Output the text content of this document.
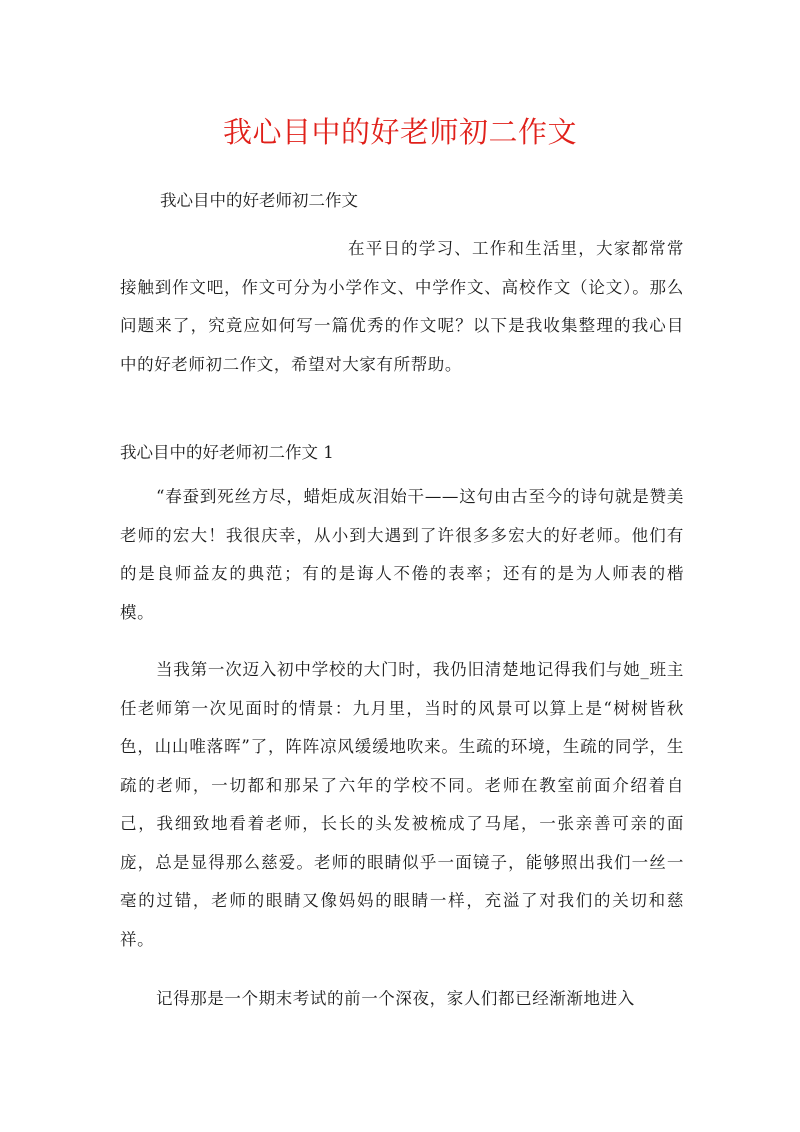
我心目中的好老师初二作文

我心目中的好老师初二作文

在平日的学习、工作和生活里，大家都常常接触到作文吧，作文可分为小学作文、中学作文、高校作文（论文）。那么问题来了，究竟应如何写一篇优秀的作文呢？以下是我收集整理的我心目中的好老师初二作文，希望对大家有所帮助。

我心目中的好老师初二作文 1

“春蚕到死丝方尽，蜡炬成灰泪始干——这句由古至今的诗句就是赞美老师的宏大！我很庆幸，从小到大遇到了许很多多宏大的好老师。他们有的是良师益友的典范；有的是诲人不倦的表率；还有的是为人师表的楷模。

当我第一次迈入初中学校的大门时，我仍旧清楚地记得我们与她_班主任老师第一次见面时的情景：九月里，当时的风景可以算上是“树树皆秋色，山山唯落晖”了，阵阵凉风缓缓地吹来。生疏的环境，生疏的同学，生疏的老师，一切都和那呆了六年的学校不同。老师在教室前面介绍着自己，我细致地看着老师，长长的头发被梳成了马尾，一张亲善可亲的面庞，总是显得那么慈爱。老师的眼睛似乎一面镜子，能够照出我们一丝一毫的过错，老师的眼睛又像妈妈的眼睛一样，充溢了对我们的关切和慈祥。

记得那是一个期末考试的前一个深夜，家人们都已经渐渐地进入
